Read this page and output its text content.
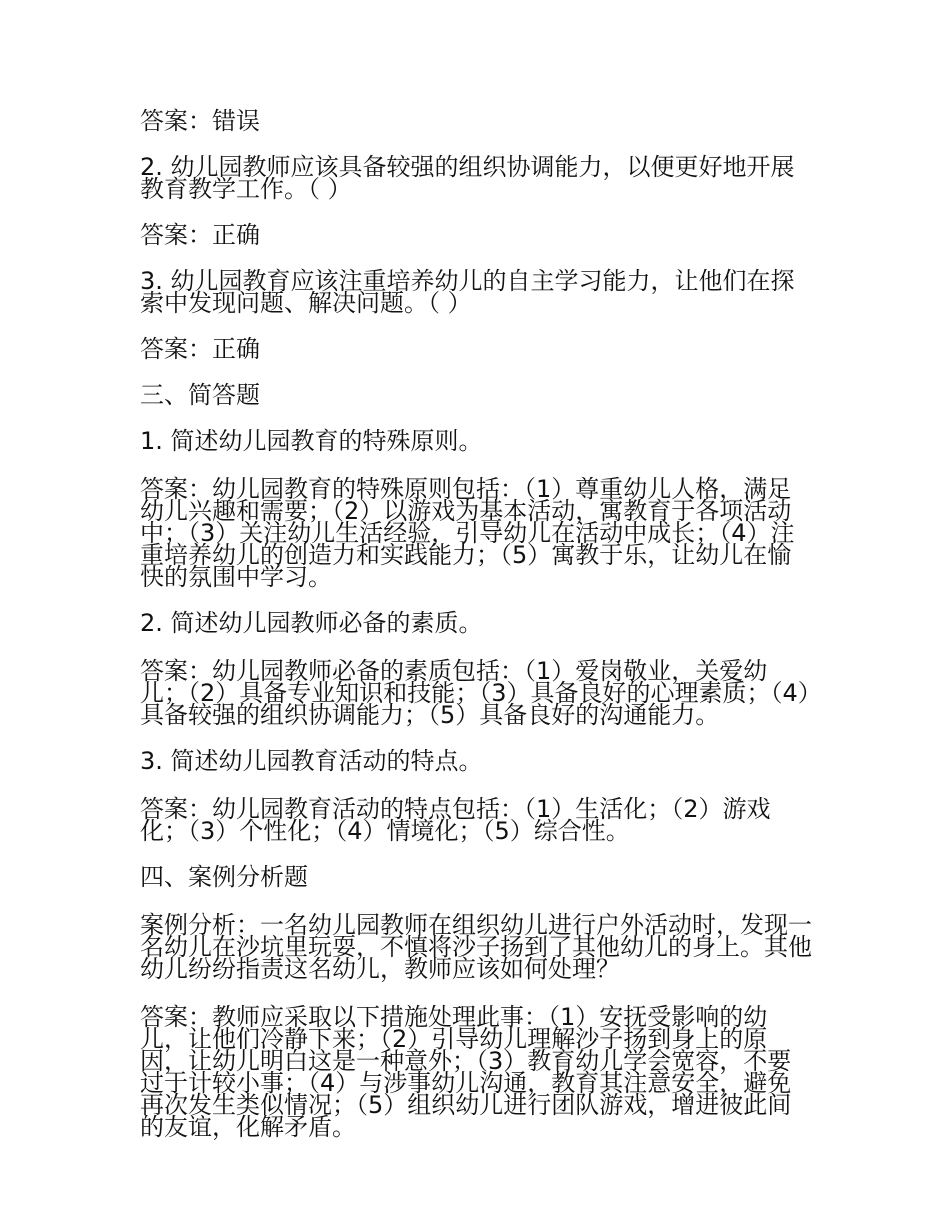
答案：错误

2. 幼儿园教师应该具备较强的组织协调能力，以便更好地开展教育教学工作。（ ）

答案：正确

3. 幼儿园教育应该注重培养幼儿的自主学习能力，让他们在探索中发现问题、解决问题。（ ）

答案：正确

三、简答题

1. 简述幼儿园教育的特殊原则。

答案：幼儿园教育的特殊原则包括：（1）尊重幼儿人格，满足幼儿兴趣和需要；（2）以游戏为基本活动，寓教育于各项活动中；（3）关注幼儿生活经验，引导幼儿在活动中成长；（4）注重培养幼儿的创造力和实践能力；（5）寓教于乐，让幼儿在愉快的氛围中学习。

2. 简述幼儿园教师必备的素质。

答案：幼儿园教师必备的素质包括：（1）爱岗敬业，关爱幼儿；（2）具备专业知识和技能；（3）具备良好的心理素质；（4）具备较强的组织协调能力；（5）具备良好的沟通能力。

3. 简述幼儿园教育活动的特点。

答案：幼儿园教育活动的特点包括：（1）生活化；（2）游戏化；（3）个性化；（4）情境化；（5）综合性。

四、案例分析题

案例分析：一名幼儿园教师在组织幼儿进行户外活动时，发现一名幼儿在沙坑里玩耍，不慎将沙子扬到了其他幼儿的身上。其他幼儿纷纷指责这名幼儿，教师应该如何处理？

答案：教师应采取以下措施处理此事：（1）安抚受影响的幼儿，让他们冷静下来；（2）引导幼儿理解沙子扬到身上的原因，让幼儿明白这是一种意外；（3）教育幼儿学会宽容，不要过于计较小事；（4）与涉事幼儿沟通，教育其注意安全，避免再次发生类似情况；（5）组织幼儿进行团队游戏，增进彼此间的友谊，化解矛盾。
